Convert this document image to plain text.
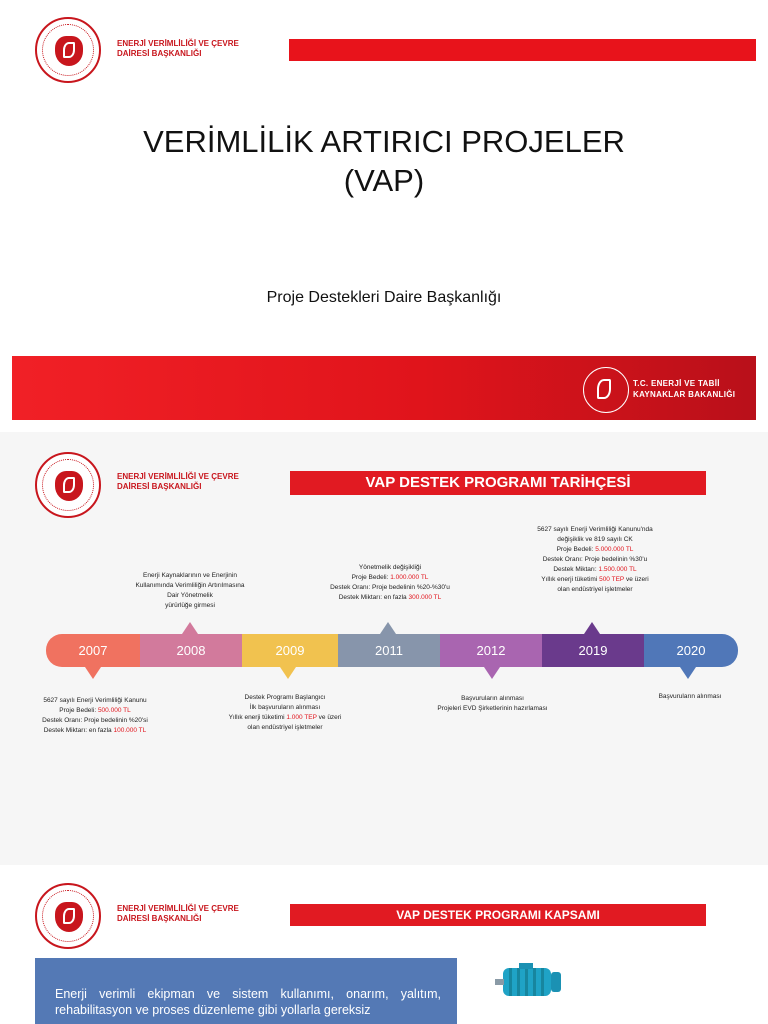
ENERJİ VERİMLİLİĞİ VE ÇEVRE
DAİRESİ BAŞKANLIĞI
VERİMLİLİK ARTIRICI PROJELER
(VAP)
Proje Destekleri Daire Başkanlığı
T.C. ENERJİ VE TABİİ
KAYNAKLAR BAKANLIĞI
ENERJİ VERİMLİLİĞİ VE ÇEVRE
DAİRESİ BAŞKANLIĞI	VAP DESTEK PROGRAMI TARİHÇESİ
Enerji Kaynaklarının ve Enerjinin
Kullanımında Verimliliğin Artırılmasına
Dair Yönetmelik
yürürlüğe girmesi
Yönetmelik değişikliği
Proje Bedeli: 1.000.000 TL
Destek Oranı: Proje bedelinin %20-%30'u
Destek Miktarı: en fazla 300.000 TL
5627 sayılı Enerji Verimliliği Kanunu'nda
değişiklik ve 819 sayılı CK
Proje Bedeli: 5.000.000 TL
Destek Oranı: Proje bedelinin %30'u
Destek Miktarı: 1.500.000 TL
Yıllık enerji tüketimi 500 TEP ve üzeri
olan endüstriyel işletmeler
2007	2008	2009	2011	2012	2019	2020
5627 sayılı Enerji Verimliliği Kanunu
Proje Bedeli: 500.000 TL
Destek Oranı: Proje bedelinin %20'si
Destek Miktarı: en fazla 100.000 TL
Destek Programı Başlangıcı
İlk başvuruların alınması
Yıllık enerji tüketimi 1.000 TEP ve üzeri
olan endüstriyel işletmeler
Başvuruların alınması
Projeleri EVD Şirketlerinin hazırlaması
Başvuruların alınması
ENERJİ VERİMLİLİĞİ VE ÇEVRE
DAİRESİ BAŞKANLIĞI	VAP DESTEK PROGRAMI KAPSAMI
Enerji verimli ekipman ve sistem kullanımı, onarım, yalıtım, rehabilitasyon ve proses düzenleme gibi yollarla gereksiz
